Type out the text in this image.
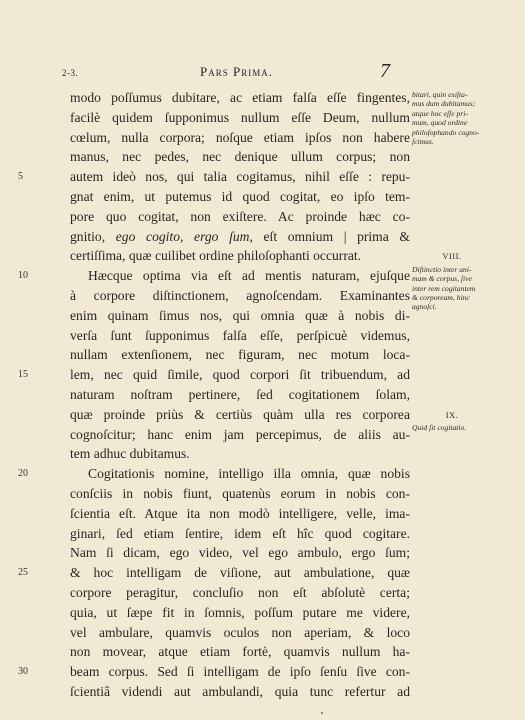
2-3.	Pars Prima.	7
modo poſſumus dubitare, ac etiam falſa eſſe fingentes,
facilè quidem ſupponimus nullum eſſe Deum, nullum
cœlum, nulla corpora; noſque etiam ipſos non habere
manus, nec pedes, nec denique ullum corpus; non
autem ideò nos, qui talia cogitamus, nihil eſſe : repu-
gnat enim, ut putemus id quod cogitat, eo ipſo tem-
pore quo cogitat, non exiſtere. Ac proinde hæc co-
gnitio, ego cogito, ergo ſum, eſt omnium | prima &
certiſſima, quæ cuilibet ordine philoſophanti occurrat.
Hæcque optima via eſt ad mentis naturam, ejuſque
à corpore diſtinctionem, agnoſcendam. Examinantes
enim quinam ſimus nos, qui omnia quæ à nobis di-
verſa ſunt ſupponimus falſa eſſe, perſpicuè videmus,
nullam extenſionem, nec figuram, nec motum loca-
lem, nec quid ſimile, quod corpori ſit tribuendum, ad
naturam noſtram pertinere, ſed cogitationem ſolam,
quæ proinde priùs & certiùs quàm ulla res corporea
cognoſcitur; hanc enim jam percepimus, de aliis au-
tem adhuc dubitamus.
Cogitationis nomine, intelligo illa omnia, quæ nobis
conſciis in nobis fiunt, quatenùs eorum in nobis con-
ſcientia eſt. Atque ita non modò intelligere, velle, ima-
ginari, ſed etiam ſentire, idem eſt hîc quod cogitare.
Nam ſi dicam, ego video, vel ego ambulo, ergo ſum;
& hoc intelligam de viſione, aut ambulatione, quæ
corpore peragitur, concluſio non eſt abſolutè certa;
quia, ut ſæpe fit in ſomnis, poſſum putare me videre,
vel ambulare, quamvis oculos non aperiam, & loco
non movear, atque etiam fortè, quamvis nullum ha-
beam corpus. Sed ſi intelligam de ipſo ſenſu ſive con-
ſcientiâ videndi aut ambulandi, quia tunc refertur ad
5
10
15
20
25
30
bitari, quin exiſta-
mus dum dubitamus;
atque hoc eſſe pri-
mum, quod ordine
philoſophando cogno-
ſcimus.
VIII.
Diſtinctio inter ani-
mam & corpus, ſive
inter rem cogitantem
& corpoream, hinc
agnoſci.
IX.
Quid ſit cogitatio.
